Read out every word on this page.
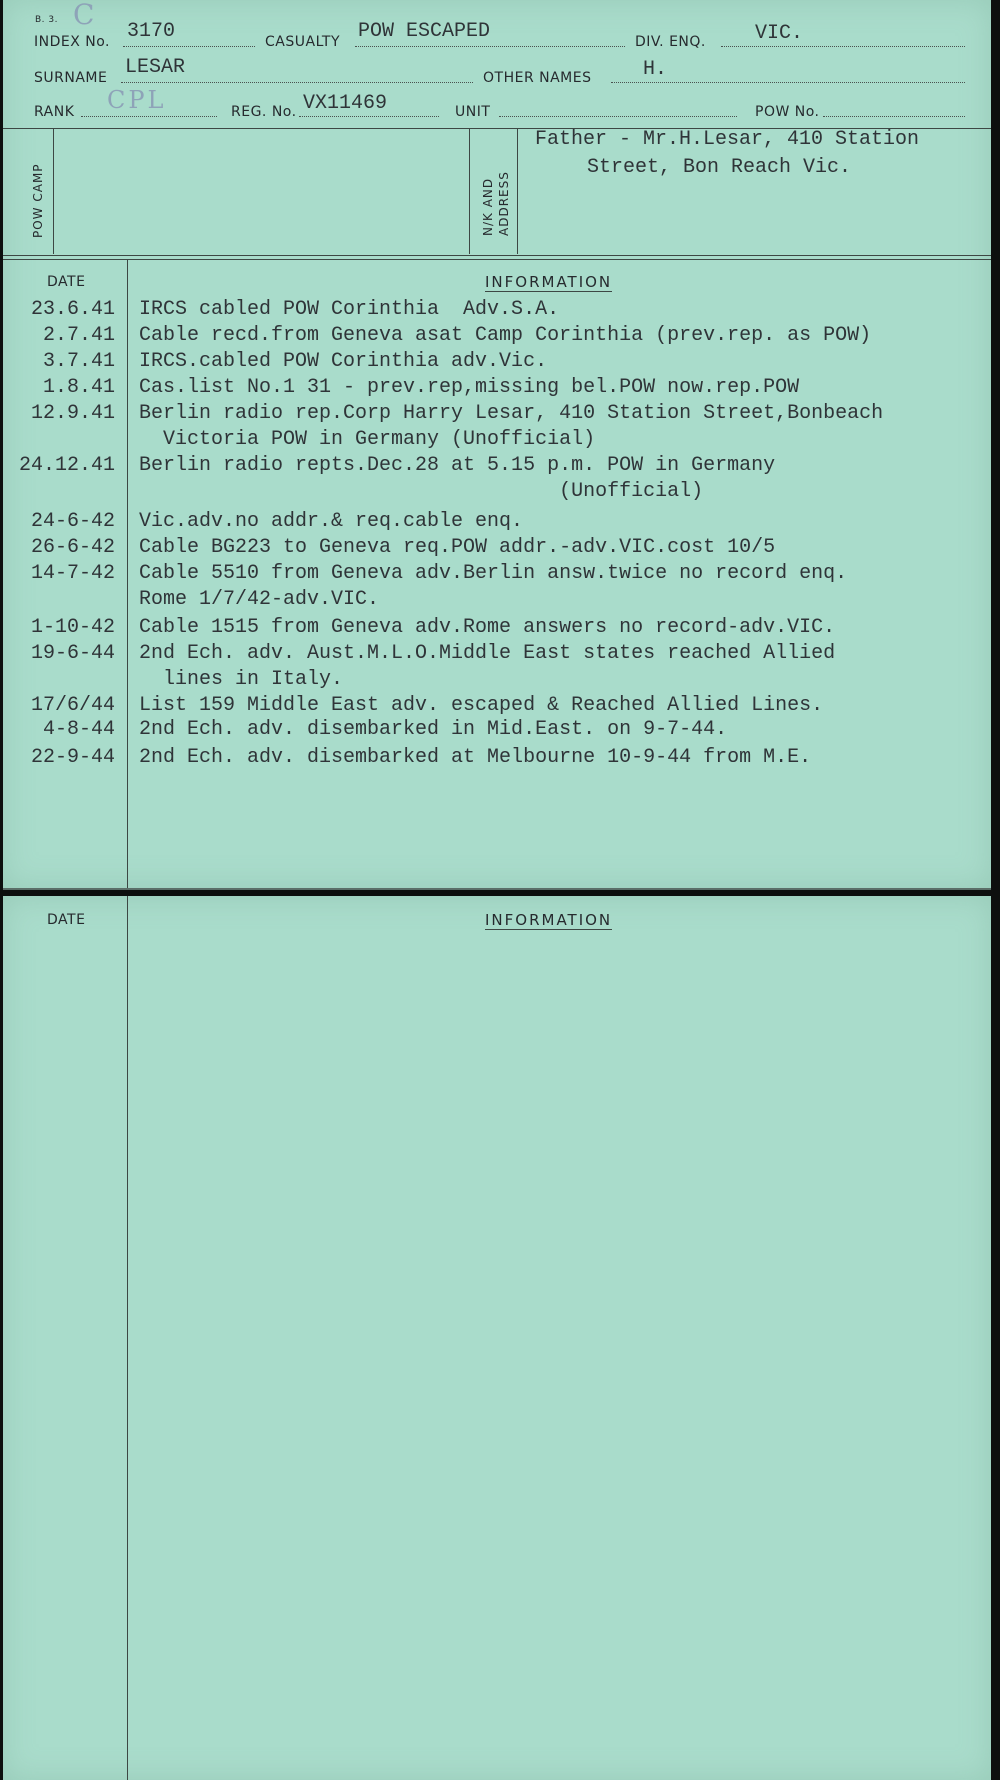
B. 3. C
INDEX No. 3170	CASUALTY POW ESCAPED	DIV. ENQ. VIC.
SURNAME LESAR	OTHER NAMES	H.
RANK CPL	REG. No. VX11469	UNIT	POW No.
POW CAMP	N/K AND ADDRESS
Father - Mr.H.Lesar, 410 Station
Street, Bon Reach Vic.
DATE	INFORMATION
23.6.41 IRCS cabled POW Corinthia  Adv.S.A.
2.7.41 Cable recd.from Geneva asat Camp Corinthia (prev.rep. as POW)
3.7.41 IRCS.cabled POW Corinthia adv.Vic.
1.8.41 Cas.list No.1 31 - prev.rep,missing bel.POW now.rep.POW
12.9.41 Berlin radio rep.Corp Harry Lesar, 410 Station Street,Bonbeach
Victoria POW in Germany (Unofficial)
24.12.41 Berlin radio repts.Dec.28 at 5.15 p.m. POW in Germany
(Unofficial)
24-6-42 Vic.adv.no addr.& req.cable enq.
26-6-42 Cable BG223 to Geneva req.POW addr.-adv.VIC.cost 10/5
14-7-42 Cable 5510 from Geneva adv.Berlin answ.twice no record enq.
Rome 1/7/42-adv.VIC.
1-10-42 Cable 1515 from Geneva adv.Rome answers no record-adv.VIC.
19-6-44 2nd Ech. adv. Aust.M.L.O.Middle East states reached Allied
lines in Italy.
17/6/44 List 159 Middle East adv. escaped & Reached Allied Lines.
4-8-44 2nd Ech. adv. disembarked in Mid.East. on 9-7-44.
22-9-44 2nd Ech. adv. disembarked at Melbourne 10-9-44 from M.E.
DATE	INFORMATION
